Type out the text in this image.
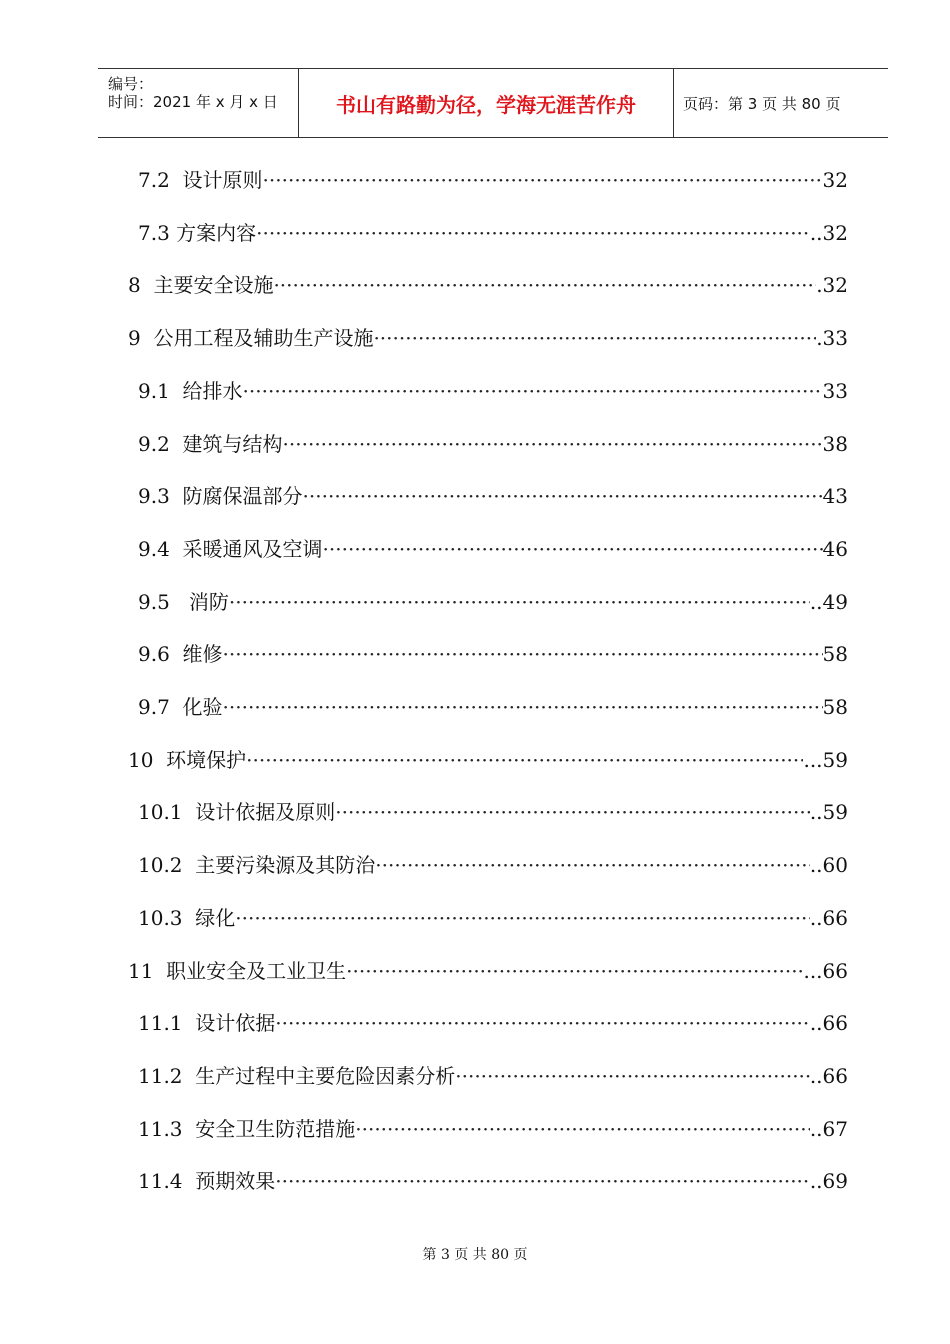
编号：
时间：2021 年 x 月 x 日	书山有路勤为径，学海无涯苦作舟	页码：第 3 页 共 80 页
7.2 设计原则 ·····	32
7.3 方案内容 ·····	..32
8 主要安全设施 ·····	.32
9 公用工程及辅助生产设施 ·····	.33
9.1 给排水 ·····	33
9.2 建筑与结构 ·····	38
9.3 防腐保温部分 ·····	43
9.4 采暖通风及空调 ·····	46
9.5 消防 ·····	..49
9.6 维修 ·····	58
9.7 化验 ·····	58
10 环境保护 ·····	...59
10.1 设计依据及原则 ·····	..59
10.2 主要污染源及其防治 ·····	..60
10.3 绿化 ·····	..66
11 职业安全及工业卫生 ·····	...66
11.1 设计依据 ·····	..66
11.2 生产过程中主要危险因素分析 ·····	..66
11.3 安全卫生防范措施 ·····	..67
11.4 预期效果 ·····	..69
第 3 页 共 80 页
